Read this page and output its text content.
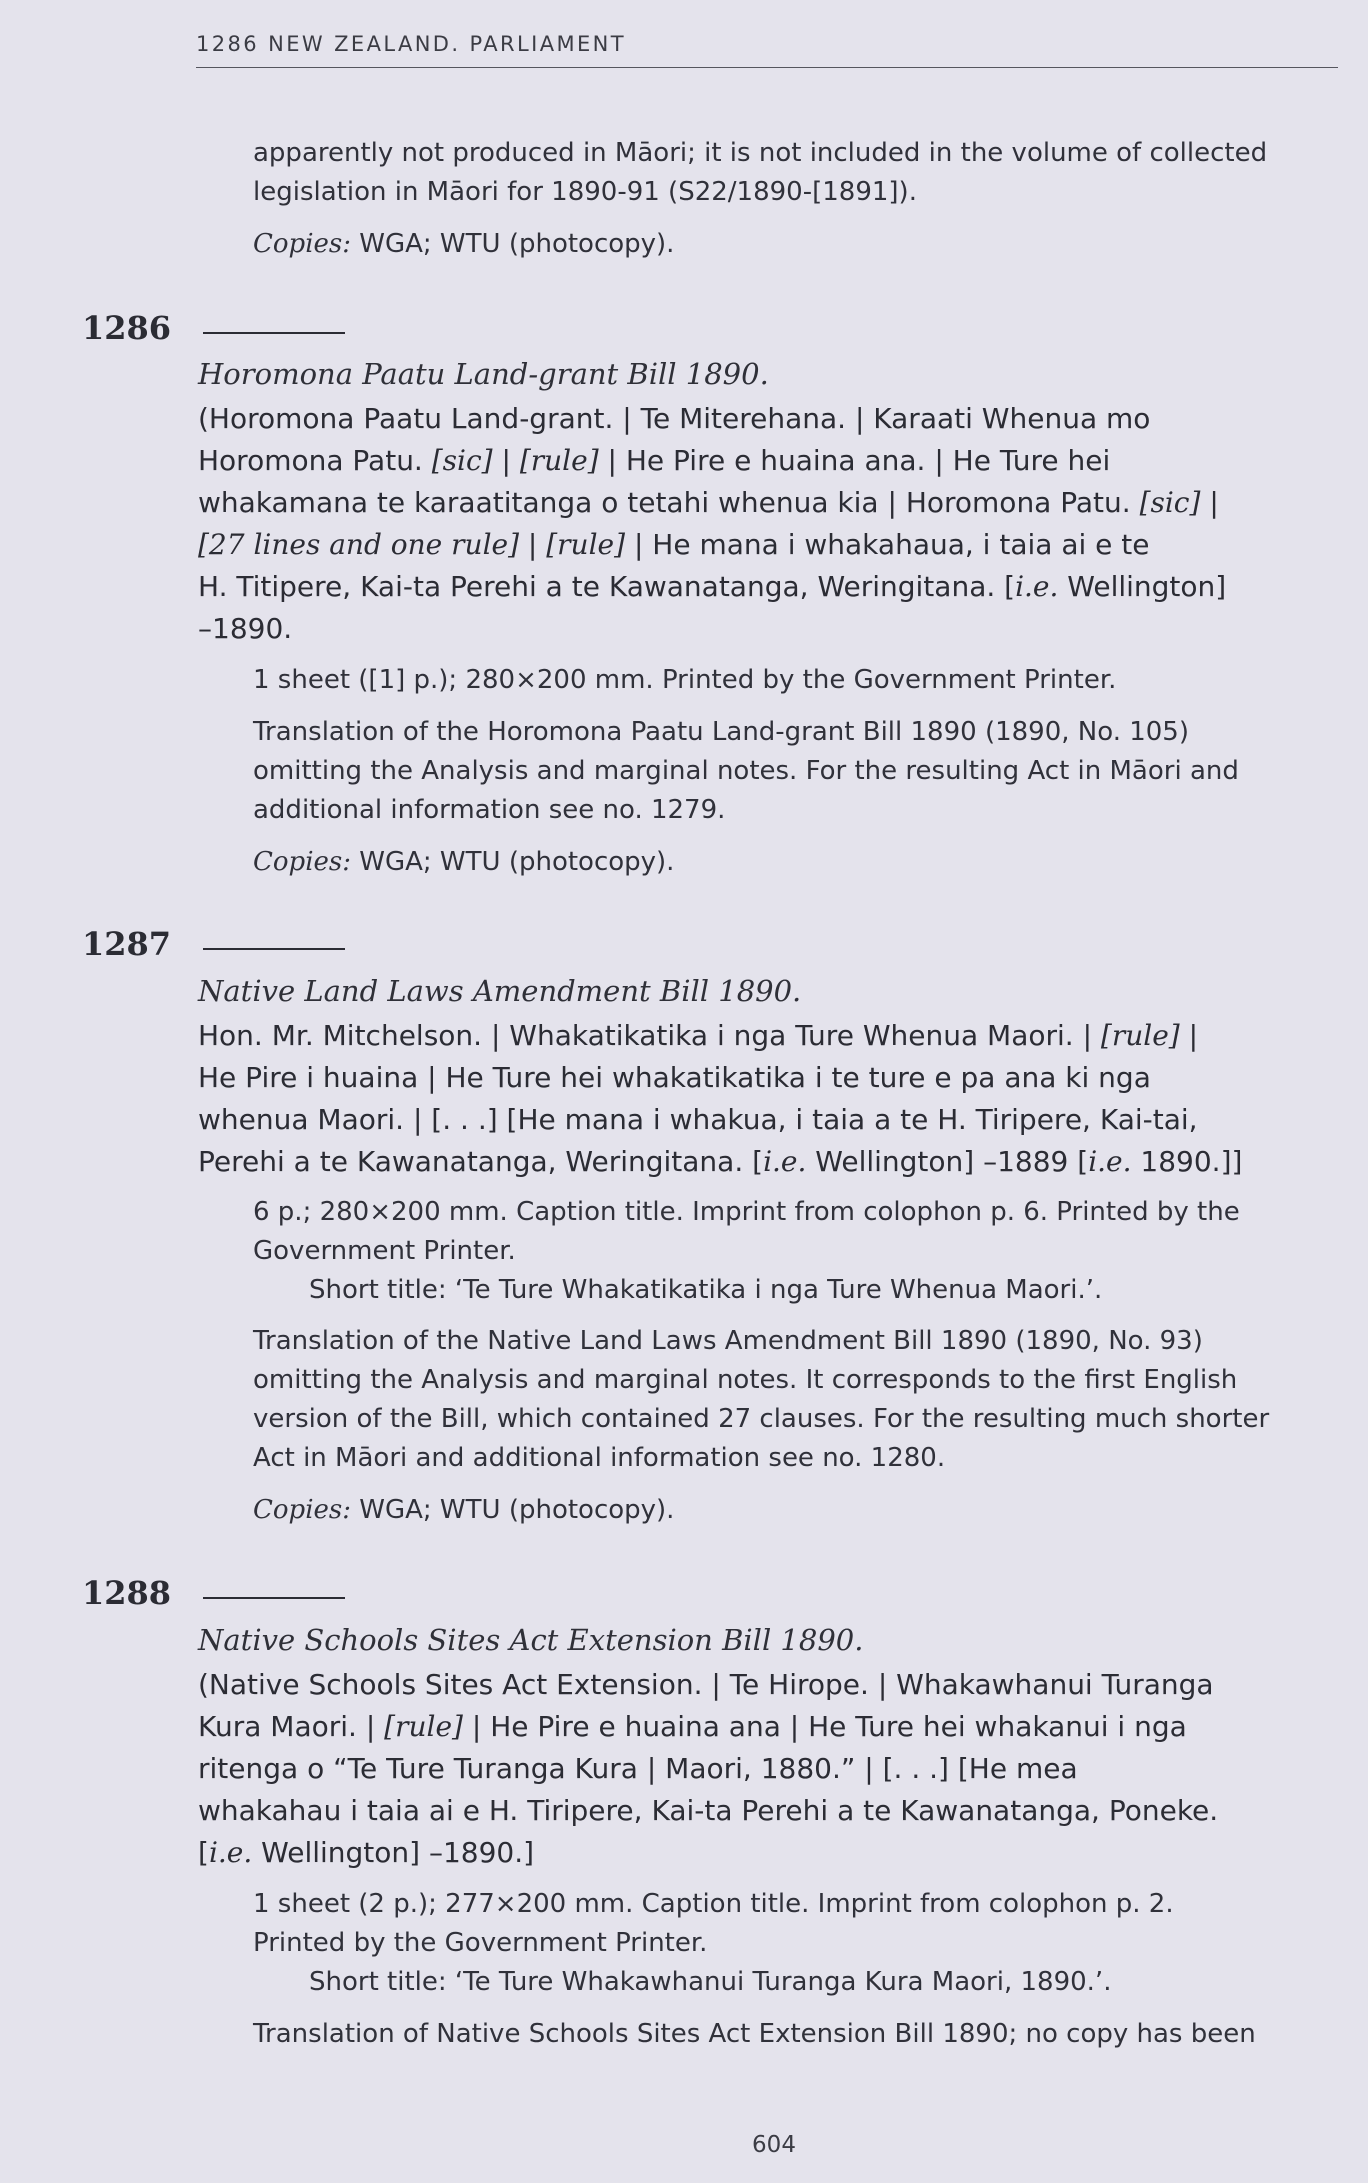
1286 NEW ZEALAND. PARLIAMENT
apparently not produced in Māori; it is not included in the volume of collected
legislation in Māori for 1890-91 (S22/1890-[1891]).
Copies: WGA; WTU (photocopy).
1286
Horomona Paatu Land-grant Bill 1890.
(Horomona Paatu Land-grant. | Te Miterehana. | Karaati Whenua mo
Horomona Patu. [sic] | [rule] | He Pire e huaina ana. | He Ture hei
whakamana te karaatitanga o tetahi whenua kia | Horomona Patu. [sic] |
[27 lines and one rule] | [rule] | He mana i whakahaua, i taia ai e te
H. Titipere, Kai-ta Perehi a te Kawanatanga, Weringitana. [i.e. Wellington]
–1890.
1 sheet ([1] p.); 280×200 mm. Printed by the Government Printer.
Translation of the Horomona Paatu Land-grant Bill 1890 (1890, No. 105)
omitting the Analysis and marginal notes. For the resulting Act in Māori and
additional information see no. 1279.
Copies: WGA; WTU (photocopy).
1287
Native Land Laws Amendment Bill 1890.
Hon. Mr. Mitchelson. | Whakatikatika i nga Ture Whenua Maori. | [rule] |
He Pire i huaina | He Ture hei whakatikatika i te ture e pa ana ki nga
whenua Maori. | [. . .] [He mana i whakua, i taia a te H. Tiripere, Kai-tai,
Perehi a te Kawanatanga, Weringitana. [i.e. Wellington] –1889 [i.e. 1890.]]
6 p.; 280×200 mm. Caption title. Imprint from colophon p. 6. Printed by the
Government Printer.
Short title: ‘Te Ture Whakatikatika i nga Ture Whenua Maori.’.
Translation of the Native Land Laws Amendment Bill 1890 (1890, No. 93)
omitting the Analysis and marginal notes. It corresponds to the first English
version of the Bill, which contained 27 clauses. For the resulting much shorter
Act in Māori and additional information see no. 1280.
Copies: WGA; WTU (photocopy).
1288
Native Schools Sites Act Extension Bill 1890.
(Native Schools Sites Act Extension. | Te Hirope. | Whakawhanui Turanga
Kura Maori. | [rule] | He Pire e huaina ana | He Ture hei whakanui i nga
ritenga o “Te Ture Turanga Kura | Maori, 1880.” | [. . .] [He mea
whakahau i taia ai e H. Tiripere, Kai-ta Perehi a te Kawanatanga, Poneke.
[i.e. Wellington] –1890.]
1 sheet (2 p.); 277×200 mm. Caption title. Imprint from colophon p. 2.
Printed by the Government Printer.
Short title: ‘Te Ture Whakawhanui Turanga Kura Maori, 1890.’.
Translation of Native Schools Sites Act Extension Bill 1890; no copy has been
604
